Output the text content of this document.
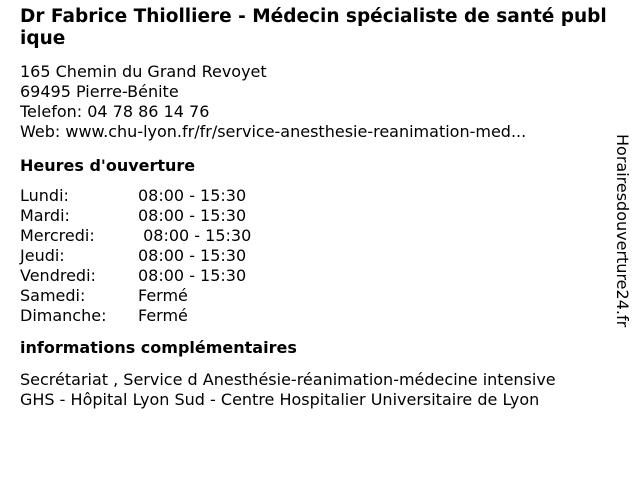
Dr Fabrice Thiolliere - Médecin spécialiste de santé publique
165 Chemin du Grand Revoyet
69495 Pierre-Bénite
Telefon: 04 78 86 14 76
Web: www.chu-lyon.fr/fr/service-anesthesie-reanimation-med...
Heures d'ouverture
Lundi:	08:00 - 15:30
Mardi:	08:00 - 15:30
Mercredi:	08:00 - 15:30
Jeudi:	08:00 - 15:30
Vendredi:	08:00 - 15:30
Samedi:	Fermé
Dimanche:	Fermé
informations complémentaires
Secrétariat , Service d Anesthésie-réanimation-médecine intensive
GHS - Hôpital Lyon Sud - Centre Hospitalier Universitaire de Lyon
Horairesdouverture24.fr
